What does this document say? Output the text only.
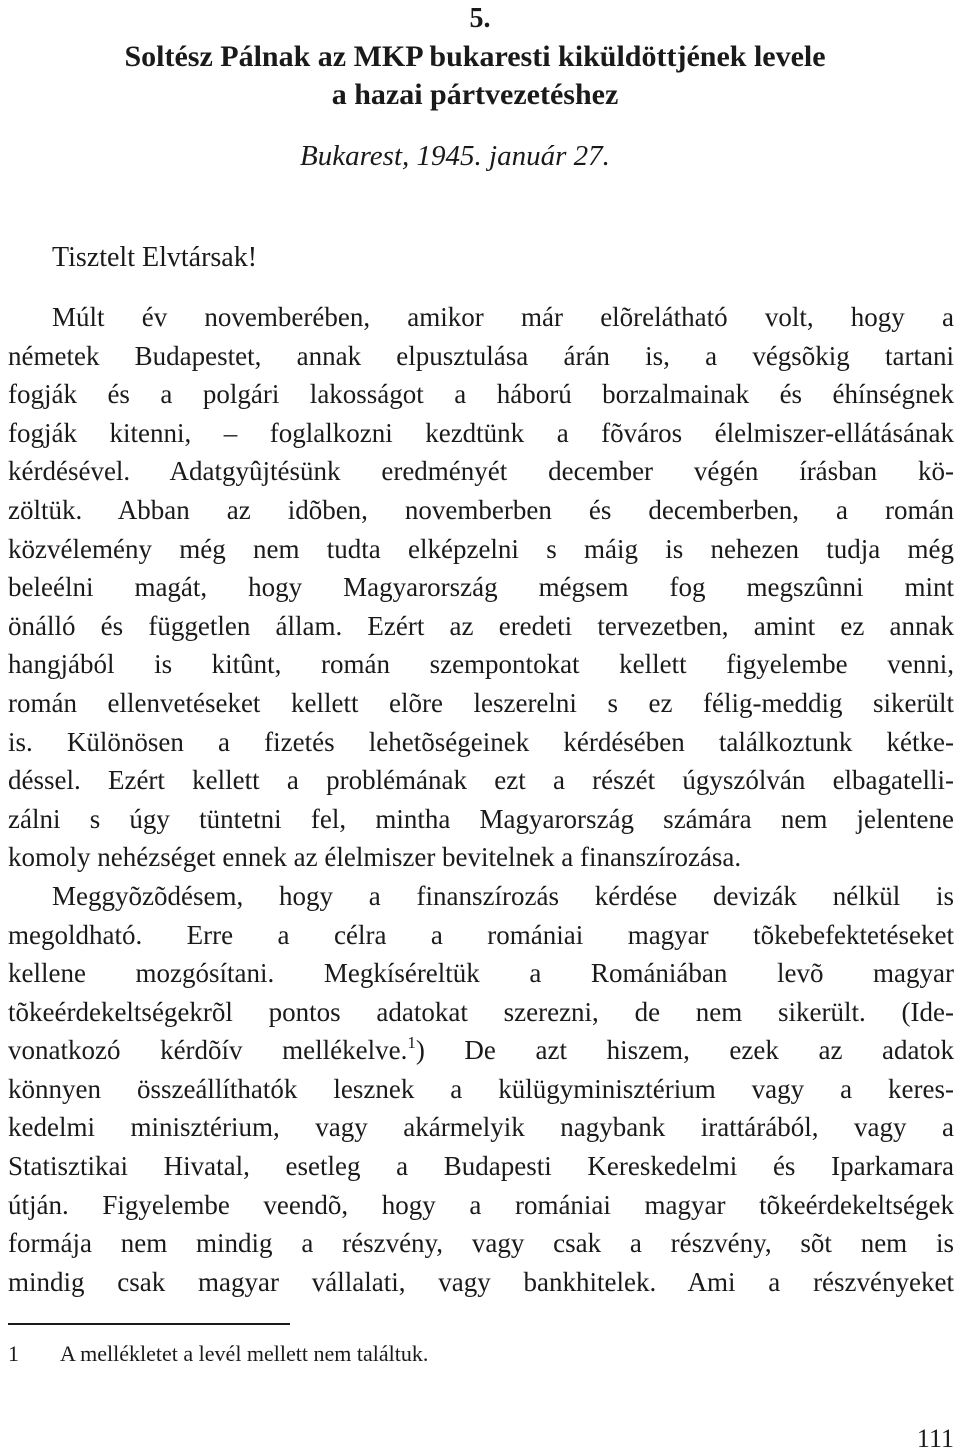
5.
Soltész Pálnak az MKP bukaresti kiküldöttjének levele
a hazai pártvezetéshez
Bukarest, 1945. január 27.
Tisztelt Elvtársak!
Múlt év novemberében, amikor már elõrelátható volt, hogy a
németek Budapestet, annak elpusztulása árán is, a végsõkig tartani
fogják és a polgári lakosságot a háború borzalmainak és éhínségnek
fogják kitenni, – foglalkozni kezdtünk a fõváros élelmiszer-ellátásának
kérdésével. Adatgyûjtésünk eredményét december végén írásban kö-
zöltük. Abban az idõben, novemberben és decemberben, a román
közvélemény még nem tudta elképzelni s máig is nehezen tudja még
beleélni magát, hogy Magyarország mégsem fog megszûnni mint
önálló és független állam. Ezért az eredeti tervezetben, amint ez annak
hangjából is kitûnt, román szempontokat kellett figyelembe venni,
román ellenvetéseket kellett elõre leszerelni s ez félig-meddig sikerült
is. Különösen a fizetés lehetõségeinek kérdésében találkoztunk kétke-
déssel. Ezért kellett a problémának ezt a részét úgyszólván elbagatelli-
zálni s úgy tüntetni fel, mintha Magyarország számára nem jelentene
komoly nehézséget ennek az élelmiszer bevitelnek a finanszírozása.
Meggyõzõdésem, hogy a finanszírozás kérdése devizák nélkül is
megoldható. Erre a célra a romániai magyar tõkebefektetéseket
kellene mozgósítani. Megkíséreltük a Romániában levõ magyar
tõkeérdekeltségekrõl pontos adatokat szerezni, de nem sikerült. (Ide-
vonatkozó kérdõív mellékelve.$^1$) De azt hiszem, ezek az adatok
könnyen összeállíthatók lesznek a külügyminisztérium vagy a keres-
kedelmi minisztérium, vagy akármelyik nagybank irattárából, vagy a
Statisztikai Hivatal, esetleg a Budapesti Kereskedelmi és Iparkamara
útján. Figyelembe veendõ, hogy a romániai magyar tõkeérdekeltségek
formája nem mindig a részvény, vagy csak a részvény, sõt nem is
mindig csak magyar vállalati, vagy bankhitelek. Ami a részvényeket
1 A mellékletet a levél mellett nem találtuk.
111
